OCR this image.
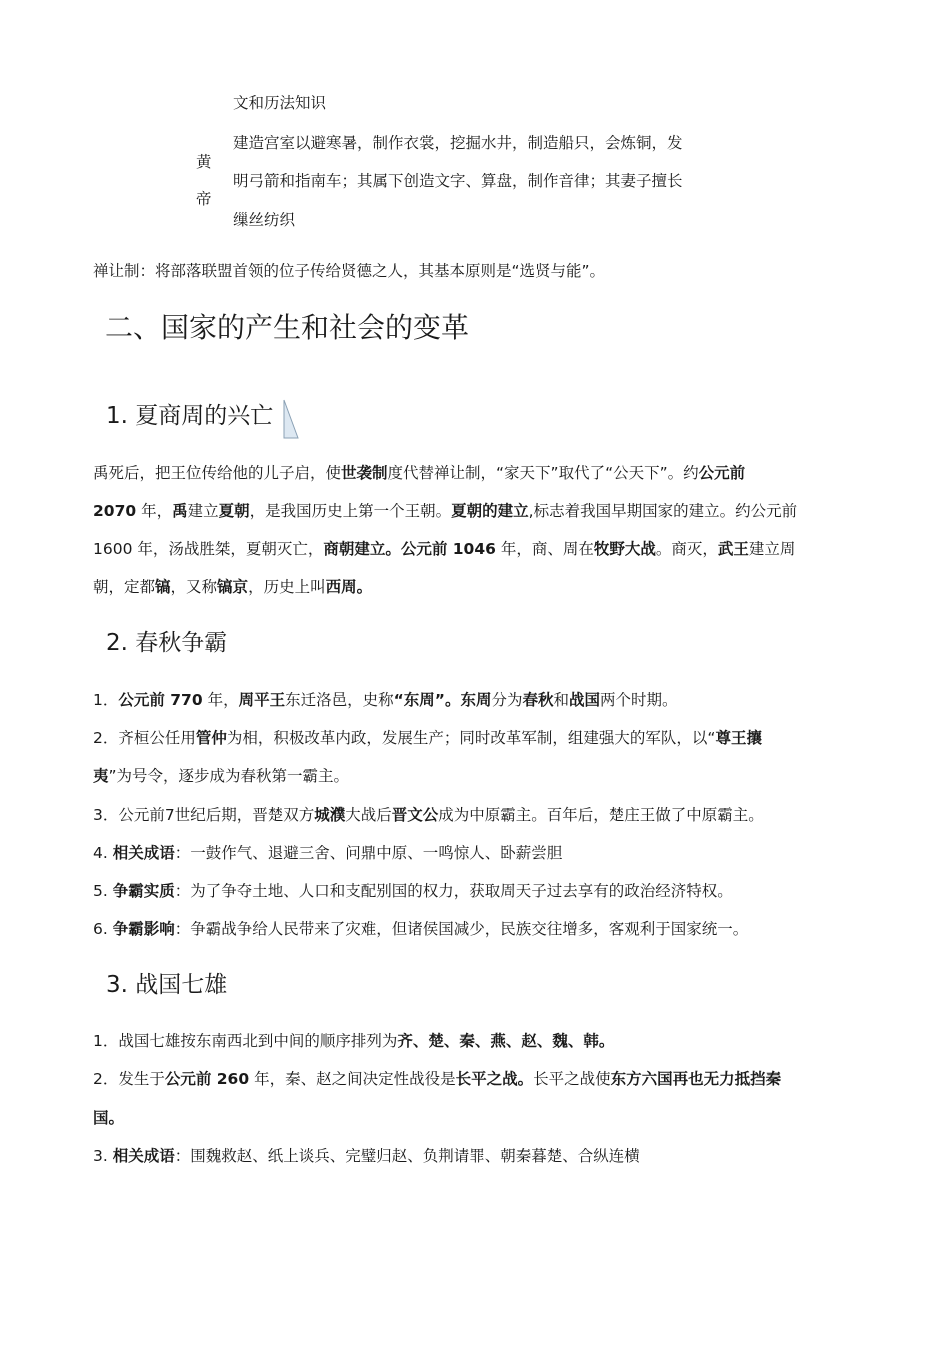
文和历法知识
黄
帝
建造宫室以避寒暑，制作衣裳，挖掘水井，制造船只，会炼铜，发
明弓箭和指南车；其属下创造文字、算盘，制作音律；其妻子擅长
缫丝纺织
禅让制：将部落联盟首领的位子传给贤德之人，其基本原则是“选贤与能”。
二、国家的产生和社会的变革
1. 夏商周的兴亡
禹死后，把王位传给他的儿子启，使世袭制度代替禅让制，“家天下”取代了“公天下”。约公元前
2070 年，禹建立夏朝，是我国历史上第一个王朝。夏朝的建立,标志着我国早期国家的建立。约公元前
1600 年，汤战胜桀，夏朝灭亡，商朝建立。公元前 1046 年，商、周在牧野大战。商灭，武王建立周
朝，定都镐，又称镐京，历史上叫西周。
2. 春秋争霸
1．公元前 770 年，周平王东迁洛邑，史称“东周”。东周分为春秋和战国两个时期。
2．齐桓公任用管仲为相，积极改革内政，发展生产；同时改革军制，组建强大的军队，以“尊王攘
夷”为号令，逐步成为春秋第一霸主。
3．公元前7世纪后期，晋楚双方城濮大战后晋文公成为中原霸主。百年后，楚庄王做了中原霸主。
4. 相关成语：一鼓作气、退避三舍、问鼎中原、一鸣惊人、卧薪尝胆
5. 争霸实质：为了争夺土地、人口和支配别国的权力，获取周天子过去享有的政治经济特权。
6. 争霸影响：争霸战争给人民带来了灾难，但诸侯国减少，民族交往增多，客观利于国家统一。
3. 战国七雄
1．战国七雄按东南西北到中间的顺序排列为齐、楚、秦、燕、赵、魏、韩。
2．发生于公元前 260 年，秦、赵之间决定性战役是长平之战。长平之战使东方六国再也无力抵挡秦
国。
3. 相关成语：围魏救赵、纸上谈兵、完璧归赵、负荆请罪、朝秦暮楚、合纵连横
